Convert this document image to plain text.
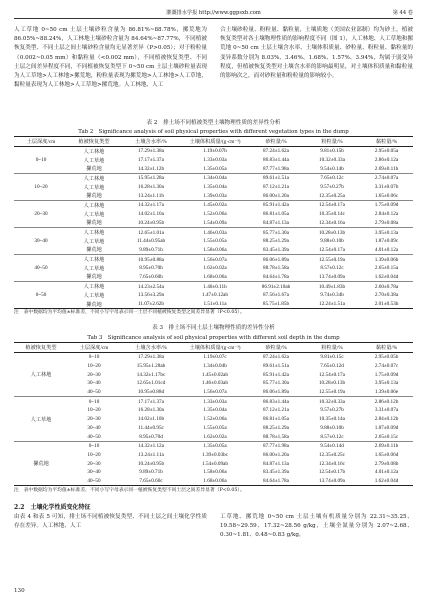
灌溉排水学报 http://www.ggpsxb.com	第 44 卷
人工草地 0~50 cm 土层土壤砂粒含量为 86.81%~88.78%，摞荒地为 86.05%~88.24%，人工林地土壤砂粒含量为 84.64%~87.77%，不同植被恢复类型、不同土层之间土壤砂粒含量均无显著差异（P>0.05）；对于粉粒量（0.002~0.05 mm）和黏粒量（<0.002 mm），不同植被恢复类型、不同土层之间差异程度不同，不同植被恢复类型下 0~50 cm 土层土壤砂粒量表现为人工草地>人工林地>摞荒地，粉粒量表现为摞荒地>人工林地>人工草地，黏粒量表现为人工林地>人工草地>摞荒地。人工林地、人工
合土壤砂粒量、粉粒量、黏粒量，土壤质地（美国农业部制）均为砂土。植被恢复类型对各土壤物理性质的影响程度不同（图 1），人工林地、人工草地和摞荒地 0~50 cm 土层土壤含水率、土壤体积质量、砂粒量、粉粒量、黏粒量的变异系数分别为 8.03%、3.46%、1.68%、1.57%、3.94%，均属于弱变异程度，但植被恢复类型对土壤含水率的影响最明显，对土壤体积质量和黏粒量的影响次之，而对砂粒量和粉粒量的影响较小。
表 2　排土场不同植被类型土壤物理性质的差异性分析
Tab 2　Significance analysis of soil physical properties with different vegetation types in the dump
土层深度/cm	植被恢复类型	土壤含水率/%	土壤体积质量/(g·cm⁻³)	砂粒量/%	粉粒量/%	黏粒量/%
	人工林地	17.29±1.38a	1.19±0.07b	87.24±1.62a	9.81±0.15b	2.95±0.05a
0~10	人工草地	17.17±1.37a	1.33±0.03a	86.83±1.44a	10.32±0.33a	2.86±0.12a
	摞荒地	14.32±1.12b	1.35±0.05a	87.77±1.98a	9.54±0.14b	2.69±0.11b
	人工林地	15.95±1.28a	1.34±0.04a	89.61±1.51a	7.65±0.12c	2.74±0.07a
10~20	人工草地	16.28±1.30a	1.35±0.04a	87.12±1.21a	9.57±0.27b	3.31±0.07b
	摞荒地	13.24±1.11b	1.39±0.03a	86.00±1.20a	12.35±0.25a	1.65±0.06c
	人工林地	14.32±1.17a	1.45±0.02a	85.91±1.42a	12.54±0.17a	1.75±0.09d
20~30	人工草地	14.02±1.10a	1.52±0.06a	86.81±1.05a	10.35±0.14c	2.84±0.12a
	摞荒地	10.24±0.95b	1.54±0.09a	84.87±1.13a	12.34±0.16a	2.79±0.08a
	人工林地	12.65±1.01a	1.46±0.03a	85.77±1.30a	10.28±0.13b	3.95±0.13a
30~40	人工草地	11.44±0.95ab	1.55±0.05a	88.25±1.29a	9.88±0.10b	1.87±0.09c
	摞荒地	9.89±0.71b	1.58±0.06a	83.45±1.39a	12.54±0.17a	4.01±0.12a
	人工林地	10.95±0.88a	1.56±0.07a	86.06±1.89a	12.55±0.19a	1.39±0.06b
40~50	人工草地	8.95±0.70b	1.62±0.02a	88.78±1.58a	8.57±0.12c	2.65±0.15a
	摞荒地	7.65±0.60b	1.68±0.06a	84.64±1.78a	13.74±0.09a	1.62±0.04d
	人工林地	14.23±2.54a	1.40±0.11b	86.91±2.10ab	10.49±1.83b	2.60±0.78a
0~50	人工草地	13.56±3.29a	1.47±0.12ab	87.56±1.67a	9.74±0.34b	2.70±0.38a
	摞荒地	11.07±2.62b	1.51±0.11a	85.75±1.85b	12.24±1.51a	2.01±0.53b
注　表中数据均为平均值±标准差，不同小写字母表示同一土层不同植被恢复类型之间差异显著（P<0.05）。
表 3　排土场不同土层土壤物理性质的差异性分析
Tab 3　Significance analysis of soil physical properties with different soil depth in the dump
植被恢复类型	土层深度/cm	土壤含水率/%	土壤体积质量/(g·cm⁻³)	砂粒量/%	粉粒量/%	黏粒量/%
	0~10	17.29±1.38a	1.19±0.07c	87.24±1.62a	9.81±0.15c	2.95±0.05b
	10~20	15.95±1.28ab	1.34±0.04b	89.61±1.51a	7.65±0.12d	2.74±0.07c
人工林地	20~30	14.32±1.17bc	1.45±0.02ab	85.91±1.42a	12.54±0.17a	1.75±0.09d
	30~40	12.65±1.01cd	1.46±0.03ab	85.77±1.30a	10.28±0.13b	3.95±0.13a
	40~50	10.95±0.88d	1.56±0.07a	86.06±1.89a	12.55±0.19a	1.39±0.06e
	0~10	17.17±1.37a	1.33±0.03a	86.83±1.44a	10.32±0.33a	2.86±0.12b
	10~20	16.28±1.30a	1.35±0.04a	87.12±1.21a	9.57±0.27b	3.31±0.07a
人工草地	20~30	14.02±1.10b	1.52±0.06a	86.81±1.05a	10.35±0.14a	2.84±0.12b
	30~40	11.44±0.95c	1.55±0.05a	88.25±1.29a	9.88±0.10b	1.87±0.09d
	40~50	8.95±0.70d	1.62±0.02a	88.78±1.58a	8.57±0.12c	2.65±0.15c
	0~10	14.32±1.12a	1.35±0.05a	87.77±1.98a	9.54±0.14d	2.69±0.11b
	10~20	13.24±1.11a	1.39±0.03bc	86.00±1.20a	12.35±0.25c	1.65±0.06d
摞荒地	20~30	10.24±0.95b	1.54±0.09ab	84.87±1.13a	12.34±0.16c	2.79±0.08b
	30~40	9.89±0.71b	1.58±0.06a	83.45±1.39a	12.54±0.17b	4.01±0.12a
	40~50	7.65±0.60c	1.68±0.06a	84.64±1.78a	13.74±0.09a	1.62±0.04d
注　表中数据均为平均值±标准差，不同小写字母表示同一植被恢复类型不同土层之间差异显著（P<0.05）。
2.2　土壤化学性质变化特征
由表 4 和表 5 可知，排土场不同植被恢复类型、不同土层之间土壤化学性质存在差异。人工林地、人工
工草地、摞荒地 0~50 cm 土层土壤有机质量分别为 22.31~35.25、19.58~29.59、17.32~28.56 g/kg，土壤全氮量分别为 2.07~2.68、0.30~1.81、0.48~0.83 g/kg，
130
